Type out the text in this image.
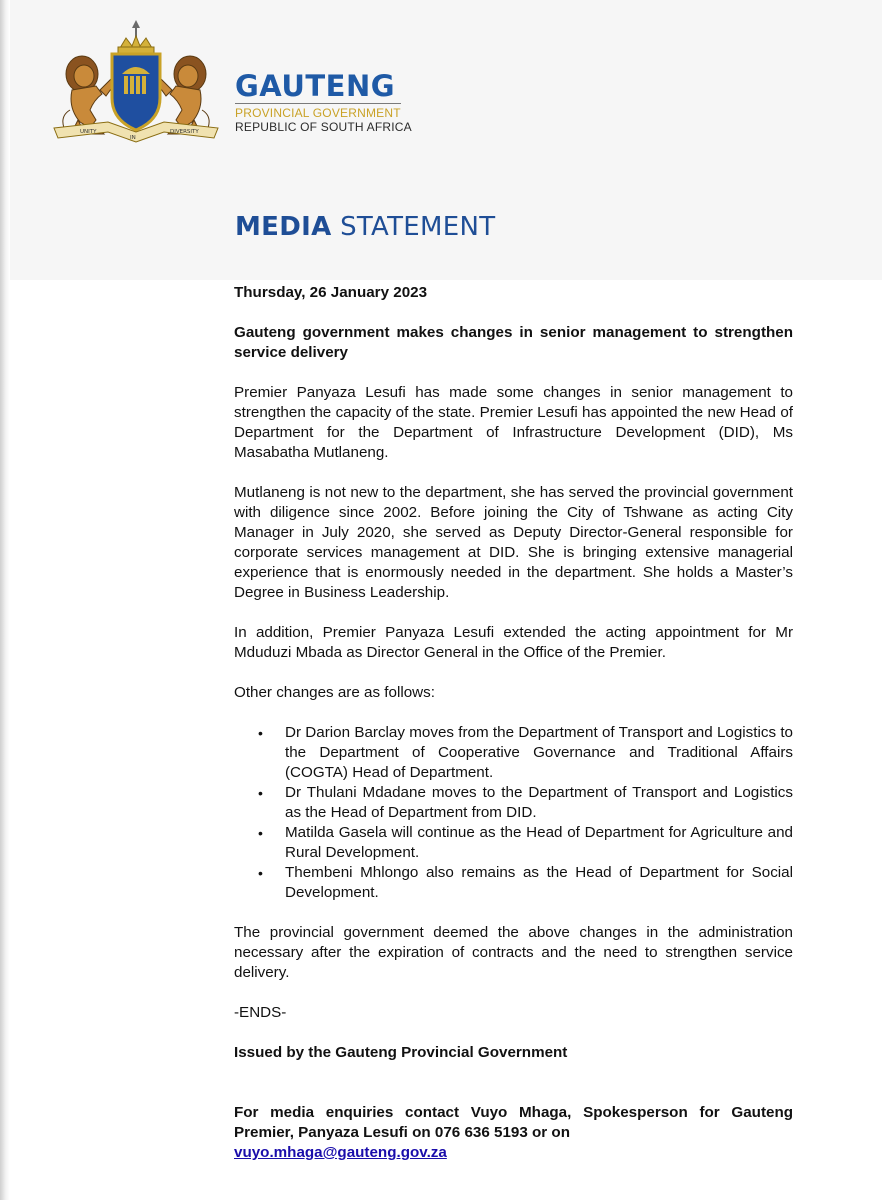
UNITY
IN
DIVERSITY
GAUTENG
PROVINCIAL GOVERNMENT
REPUBLIC OF SOUTH AFRICA
MEDIA STATEMENT

Thursday, 26 January 2023

Gauteng government makes changes in senior management to strengthen service delivery

Premier Panyaza Lesufi has made some changes in senior management to strengthen the capacity of the state. Premier Lesufi has appointed the new Head of Department for the Department of Infrastructure Development (DID), Ms Masabatha Mutlaneng.

Mutlaneng is not new to the department, she has served the provincial government with diligence since 2002. Before joining the City of Tshwane as acting City Manager in July 2020, she served as Deputy Director-General responsible for corporate services management at DID. She is bringing extensive managerial experience that is enormously needed in the department. She holds a Master’s Degree in Business Leadership.

In addition, Premier Panyaza Lesufi extended the acting appointment for Mr Mduduzi Mbada as Director General in the Office of the Premier.

Other changes are as follows:

• Dr Darion Barclay moves from the Department of Transport and Logistics to the Department of Cooperative Governance and Traditional Affairs (COGTA) Head of Department.
• Dr Thulani Mdadane moves to the Department of Transport and Logistics as the Head of Department from DID.
• Matilda Gasela will continue as the Head of Department for Agriculture and Rural Development.
• Thembeni Mhlongo also remains as the Head of Department for Social Development.

The provincial government deemed the above changes in the administration necessary after the expiration of contracts and the need to strengthen service delivery.

-ENDS-

Issued by the Gauteng Provincial Government

For media enquiries contact Vuyo Mhaga, Spokesperson for Gauteng Premier, Panyaza Lesufi on 076 636 5193 or on
vuyo.mhaga@gauteng.gov.za
